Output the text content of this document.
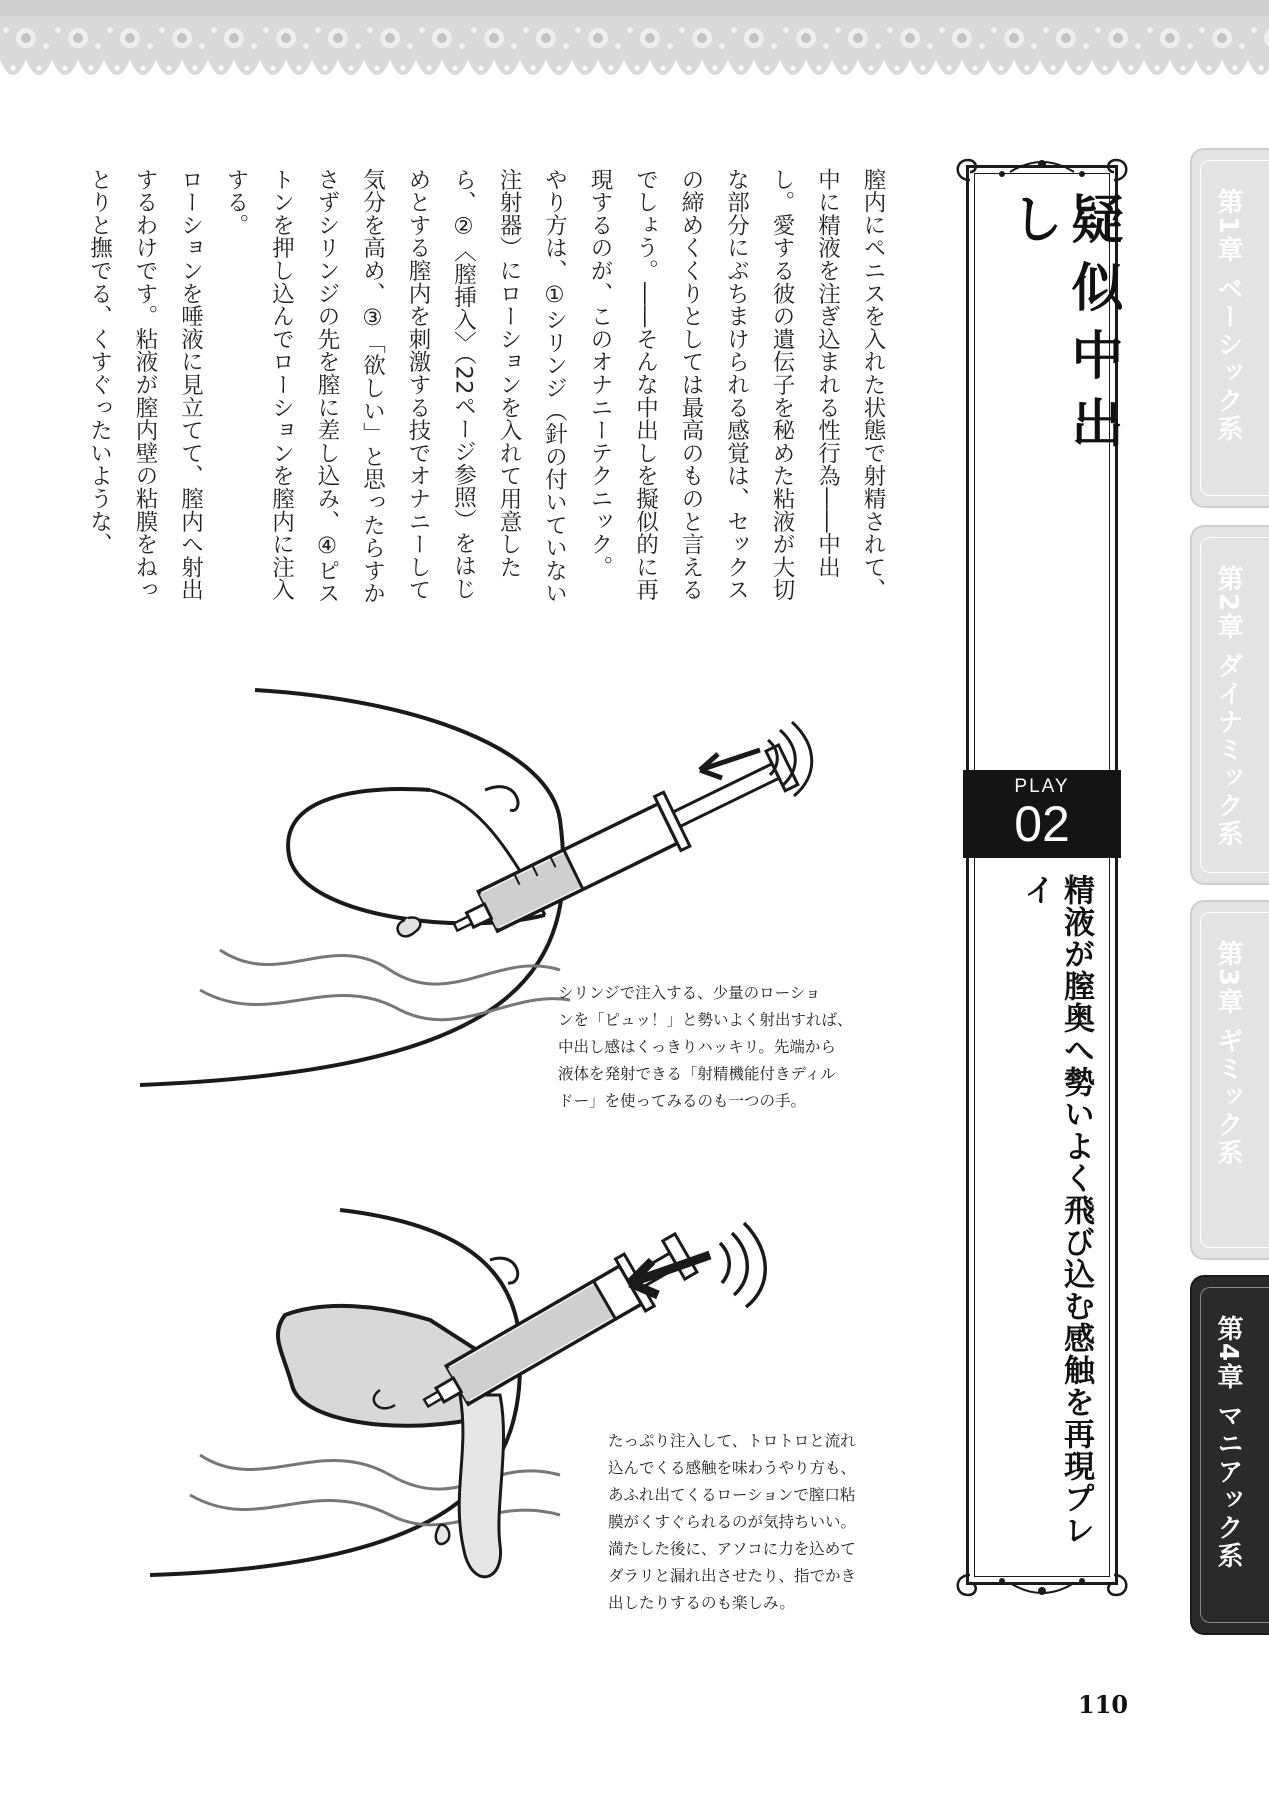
膣内にペニスを入れた状態で射精されて、中に精液を注ぎ込まれる性行為――中出し。愛する彼の遺伝子を秘めた粘液が大切な部分にぶちまけられる感覚は、セックスの締めくくりとしては最高のものと言えるでしょう。――そんな中出しを擬似的に再現するのが、このオナニーテクニック。

やり方は、①シリンジ（針の付いていない注射器）にローションを入れて用意したら、②〈膣挿入〉（22ページ参照）をはじめとする膣内を刺激する技でオナニーして気分を高め、③「欲しい」と思ったらすかさずシリンジの先を膣に差し込み、④ピストンを押し込んでローションを膣内に注入する。

ローションを唾液に見立てて、膣内へ射出するわけです。粘液が膣内壁の粘膜をねっとりと撫でる、くすぐったいような、	疑似中出し
PLAY
02
精液が膣奥へ勢いよく飛び込む感触を再現プレイ
第1章 ベーシック系
第2章 ダイナミック系
第3章 ギミック系
第4章 マニアック系
シリンジで注入する、少量のローショ
ンを「ピュッ！」と勢いよく射出すれば、
中出し感はくっきりハッキリ。先端から
液体を発射できる「射精機能付きディル
ドー」を使ってみるのも一つの手。
たっぷり注入して、トロトロと流れ
込んでくる感触を味わうやり方も、
あふれ出てくるローションで膣口粘
膜がくすぐられるのが気持ちいい。
満たした後に、アソコに力を込めて
ダラリと漏れ出させたり、指でかき
出したりするのも楽しみ。
110
